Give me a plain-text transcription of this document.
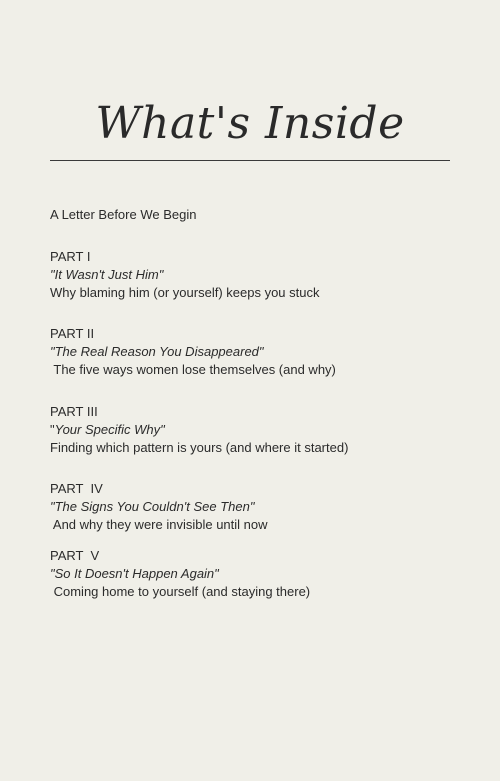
What's Inside
A Letter Before We Begin
PART I
"It Wasn't Just Him"
Why blaming him (or yourself) keeps you stuck
PART II
"The Real Reason You Disappeared"
The five ways women lose themselves (and why)
PART III
"Your Specific Why"
Finding which pattern is yours (and where it started)
PART  IV
"The Signs You Couldn't See Then"
And why they were invisible until now
PART  V
"So It Doesn't Happen Again"
Coming home to yourself (and staying there)
